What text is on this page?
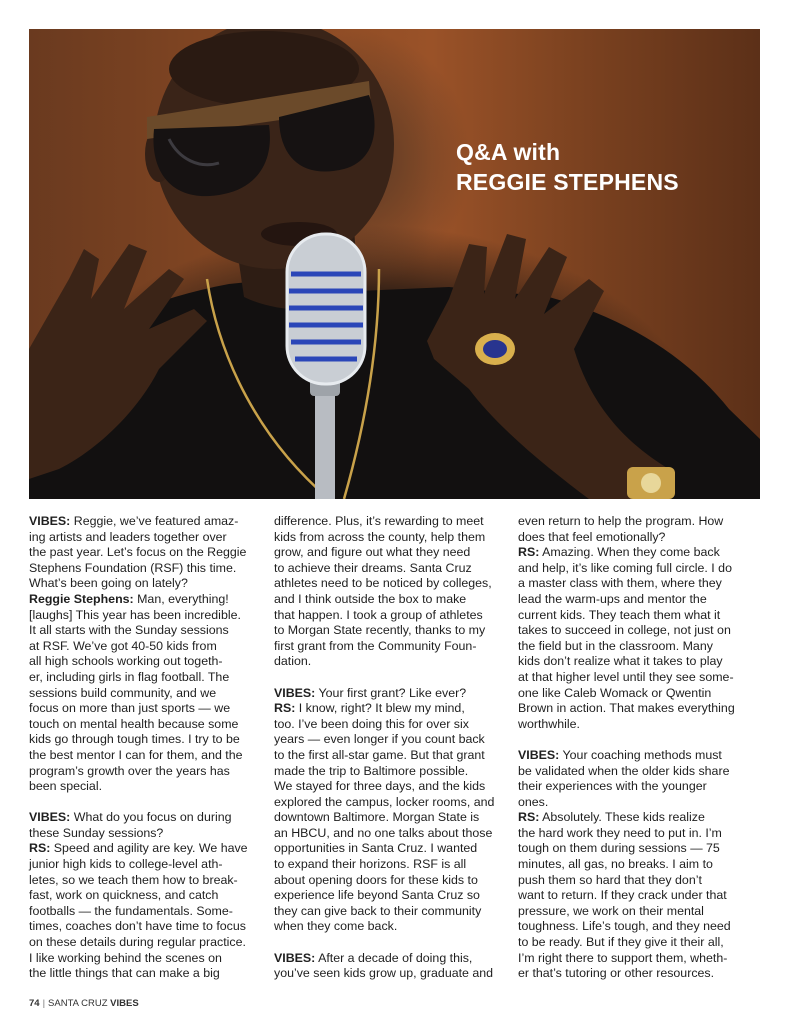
Q&A with
REGGIE STEPHENS
VIBES: Reggie, we’ve featured amaz-
ing artists and leaders together over
the past year. Let’s focus on the Reggie
Stephens Foundation (RSF) this time.
What’s been going on lately?
Reggie Stephens: Man, everything!
[laughs] This year has been incredible.
It all starts with the Sunday sessions
at RSF. We’ve got 40-50 kids from
all high schools working out togeth-
er, including girls in flag football. The
sessions build community, and we
focus on more than just sports — we
touch on mental health because some
kids go through tough times. I try to be
the best mentor I can for them, and the
program’s growth over the years has
been special.
VIBES: What do you focus on during
these Sunday sessions?
RS: Speed and agility are key. We have
junior high kids to college-level ath-
letes, so we teach them how to break-
fast, work on quickness, and catch
footballs — the fundamentals. Some-
times, coaches don’t have time to focus
on these details during regular practice.
I like working behind the scenes on
the little things that can make a big
difference. Plus, it’s rewarding to meet
kids from across the county, help them
grow, and figure out what they need
to achieve their dreams. Santa Cruz
athletes need to be noticed by colleges,
and I think outside the box to make
that happen. I took a group of athletes
to Morgan State recently, thanks to my
first grant from the Community Foun-
dation.
VIBES: Your first grant? Like ever?
RS: I know, right? It blew my mind,
too. I’ve been doing this for over six
years — even longer if you count back
to the first all-star game. But that grant
made the trip to Baltimore possible.
We stayed for three days, and the kids
explored the campus, locker rooms, and
downtown Baltimore. Morgan State is
an HBCU, and no one talks about those
opportunities in Santa Cruz. I wanted
to expand their horizons. RSF is all
about opening doors for these kids to
experience life beyond Santa Cruz so
they can give back to their community
when they come back.
VIBES: After a decade of doing this,
you’ve seen kids grow up, graduate and
even return to help the program. How
does that feel emotionally?
RS: Amazing. When they come back
and help, it’s like coming full circle. I do
a master class with them, where they
lead the warm-ups and mentor the
current kids. They teach them what it
takes to succeed in college, not just on
the field but in the classroom. Many
kids don’t realize what it takes to play
at that higher level until they see some-
one like Caleb Womack or Qwentin
Brown in action. That makes everything
worthwhile.
VIBES: Your coaching methods must
be validated when the older kids share
their experiences with the younger
ones.
RS: Absolutely. These kids realize
the hard work they need to put in. I’m
tough on them during sessions — 75
minutes, all gas, no breaks. I aim to
push them so hard that they don’t
want to return. If they crack under that
pressure, we work on their mental
toughness. Life’s tough, and they need
to be ready. But if they give it their all,
I’m right there to support them, wheth-
er that’s tutoring or other resources.
74 | SANTA CRUZ VIBES
